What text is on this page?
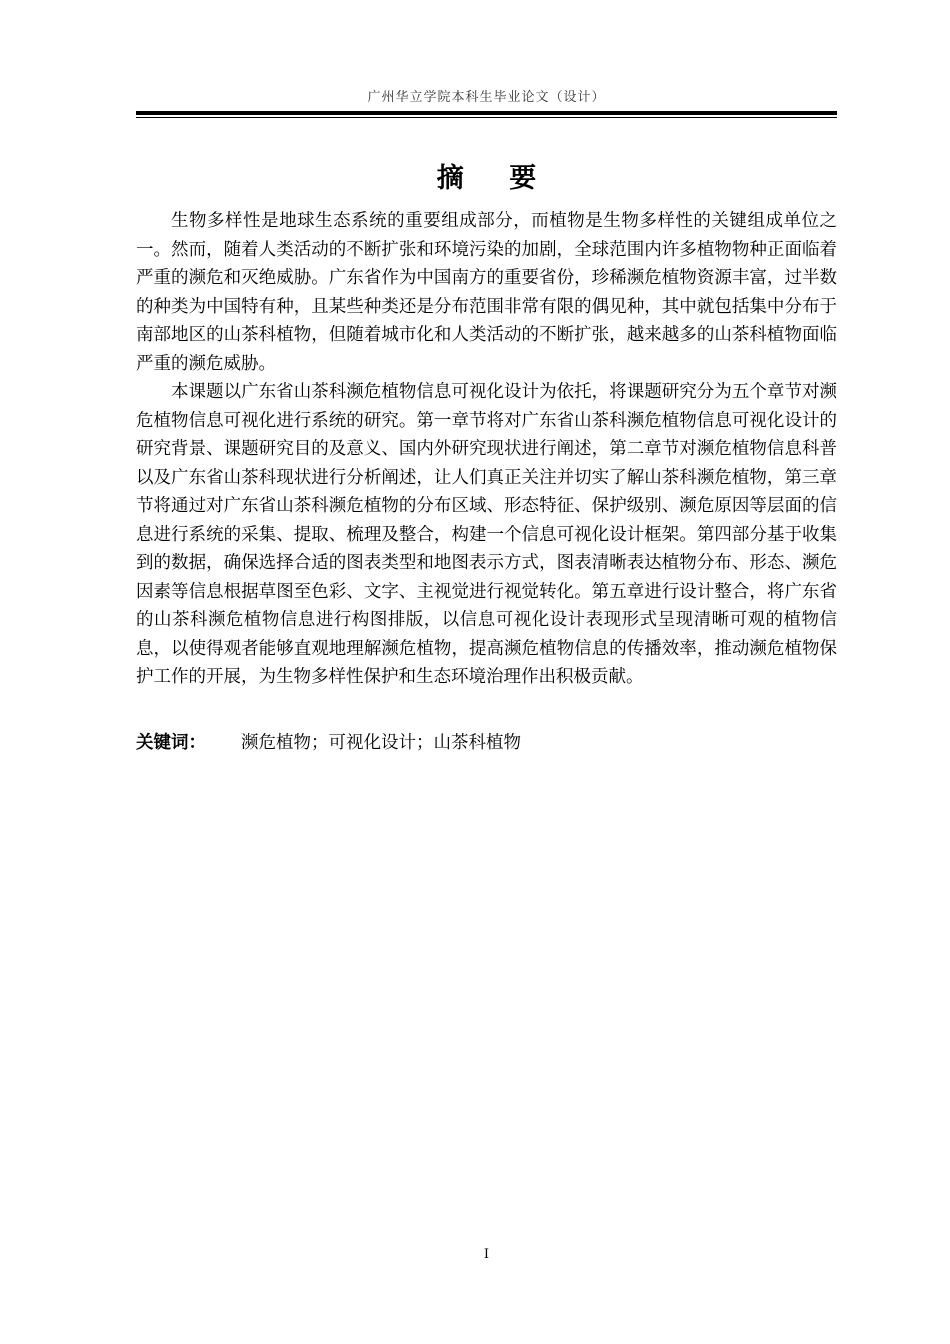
广州华立学院本科生毕业论文（设计）
摘 要

生物多样性是地球生态系统的重要组成部分，而植物是生物多样性的关键组成单位之一。然而，随着人类活动的不断扩张和环境污染的加剧，全球范围内许多植物物种正面临着严重的濒危和灭绝威胁。广东省作为中国南方的重要省份，珍稀濒危植物资源丰富，过半数的种类为中国特有种，且某些种类还是分布范围非常有限的偶见种，其中就包括集中分布于南部地区的山茶科植物，但随着城市化和人类活动的不断扩张，越来越多的山茶科植物面临严重的濒危威胁。

本课题以广东省山茶科濒危植物信息可视化设计为依托，将课题研究分为五个章节对濒危植物信息可视化进行系统的研究。第一章节将对广东省山茶科濒危植物信息可视化设计的研究背景、课题研究目的及意义、国内外研究现状进行阐述，第二章节对濒危植物信息科普以及广东省山茶科现状进行分析阐述，让人们真正关注并切实了解山茶科濒危植物，第三章节将通过对广东省山茶科濒危植物的分布区域、形态特征、保护级别、濒危原因等层面的信息进行系统的采集、提取、梳理及整合，构建一个信息可视化设计框架。第四部分基于收集到的数据，确保选择合适的图表类型和地图表示方式，图表清晰表达植物分布、形态、濒危因素等信息根据草图至色彩、文字、主视觉进行视觉转化。第五章进行设计整合，将广东省的山茶科濒危植物信息进行构图排版，以信息可视化设计表现形式呈现清晰可观的植物信息，以使得观者能够直观地理解濒危植物，提高濒危植物信息的传播效率，推动濒危植物保护工作的开展，为生物多样性保护和生态环境治理作出积极贡献。

关键词： 濒危植物；可视化设计；山茶科植物
I
